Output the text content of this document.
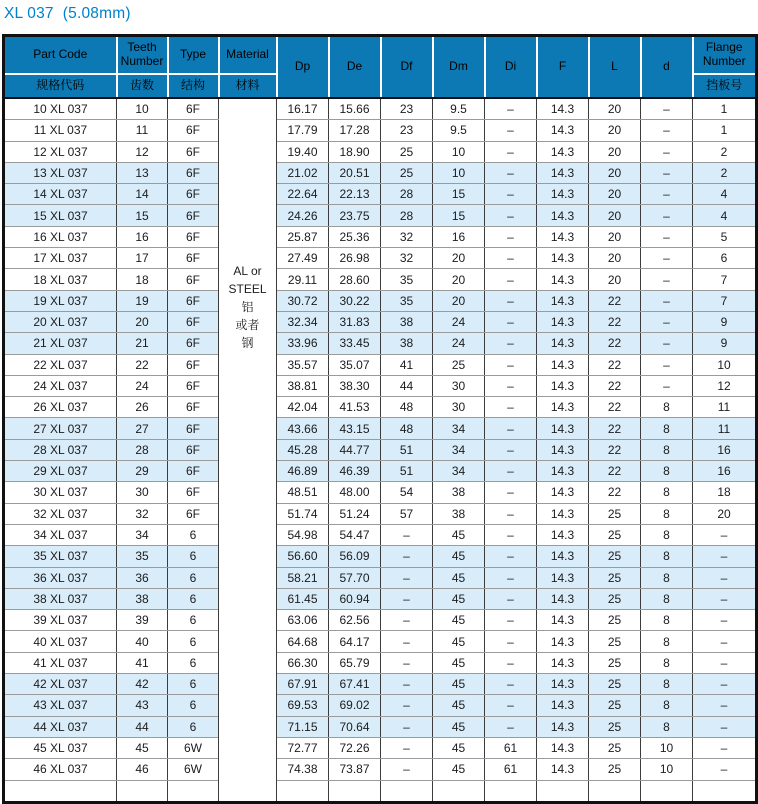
XL 037  (5.08mm)
Part Code	Teeth Number	Type	Material	Dp	De	Df	Dm	Di	F	L	d	Flange Number
规格代码	齿数	结构	材料									挡板号
10 XL 037	10	6F	AL or
STEEL
铝
或者
钢	16.17	15.66	23	9.5	–	14.3	20	–	1
11 XL 037	11	6F		17.79	17.28	23	9.5	–	14.3	20	–	1
12 XL 037	12	6F		19.40	18.90	25	10	–	14.3	20	–	2
13 XL 037	13	6F		21.02	20.51	25	10	–	14.3	20	–	2
14 XL 037	14	6F		22.64	22.13	28	15	–	14.3	20	–	4
15 XL 037	15	6F		24.26	23.75	28	15	–	14.3	20	–	4
16 XL 037	16	6F		25.87	25.36	32	16	–	14.3	20	–	5
17 XL 037	17	6F		27.49	26.98	32	20	–	14.3	20	–	6
18 XL 037	18	6F		29.11	28.60	35	20	–	14.3	20	–	7
19 XL 037	19	6F		30.72	30.22	35	20	–	14.3	22	–	7
20 XL 037	20	6F		32.34	31.83	38	24	–	14.3	22	–	9
21 XL 037	21	6F		33.96	33.45	38	24	–	14.3	22	–	9
22 XL 037	22	6F		35.57	35.07	41	25	–	14.3	22	–	10
24 XL 037	24	6F		38.81	38.30	44	30	–	14.3	22	–	12
26 XL 037	26	6F		42.04	41.53	48	30	–	14.3	22	8	11
27 XL 037	27	6F		43.66	43.15	48	34	–	14.3	22	8	11
28 XL 037	28	6F		45.28	44.77	51	34	–	14.3	22	8	16
29 XL 037	29	6F		46.89	46.39	51	34	–	14.3	22	8	16
30 XL 037	30	6F		48.51	48.00	54	38	–	14.3	22	8	18
32 XL 037	32	6F		51.74	51.24	57	38	–	14.3	25	8	20
34 XL 037	34	6		54.98	54.47	–	45	–	14.3	25	8	–
35 XL 037	35	6		56.60	56.09	–	45	–	14.3	25	8	–
36 XL 037	36	6		58.21	57.70	–	45	–	14.3	25	8	–
38 XL 037	38	6		61.45	60.94	–	45	–	14.3	25	8	–
39 XL 037	39	6		63.06	62.56	–	45	–	14.3	25	8	–
40 XL 037	40	6		64.68	64.17	–	45	–	14.3	25	8	–
41 XL 037	41	6		66.30	65.79	–	45	–	14.3	25	8	–
42 XL 037	42	6		67.91	67.41	–	45	–	14.3	25	8	–
43 XL 037	43	6		69.53	69.02	–	45	–	14.3	25	8	–
44 XL 037	44	6		71.15	70.64	–	45	–	14.3	25	8	–
45 XL 037	45	6W		72.77	72.26	–	45	61	14.3	25	10	–
46 XL 037	46	6W		74.38	73.87	–	45	61	14.3	25	10	–
